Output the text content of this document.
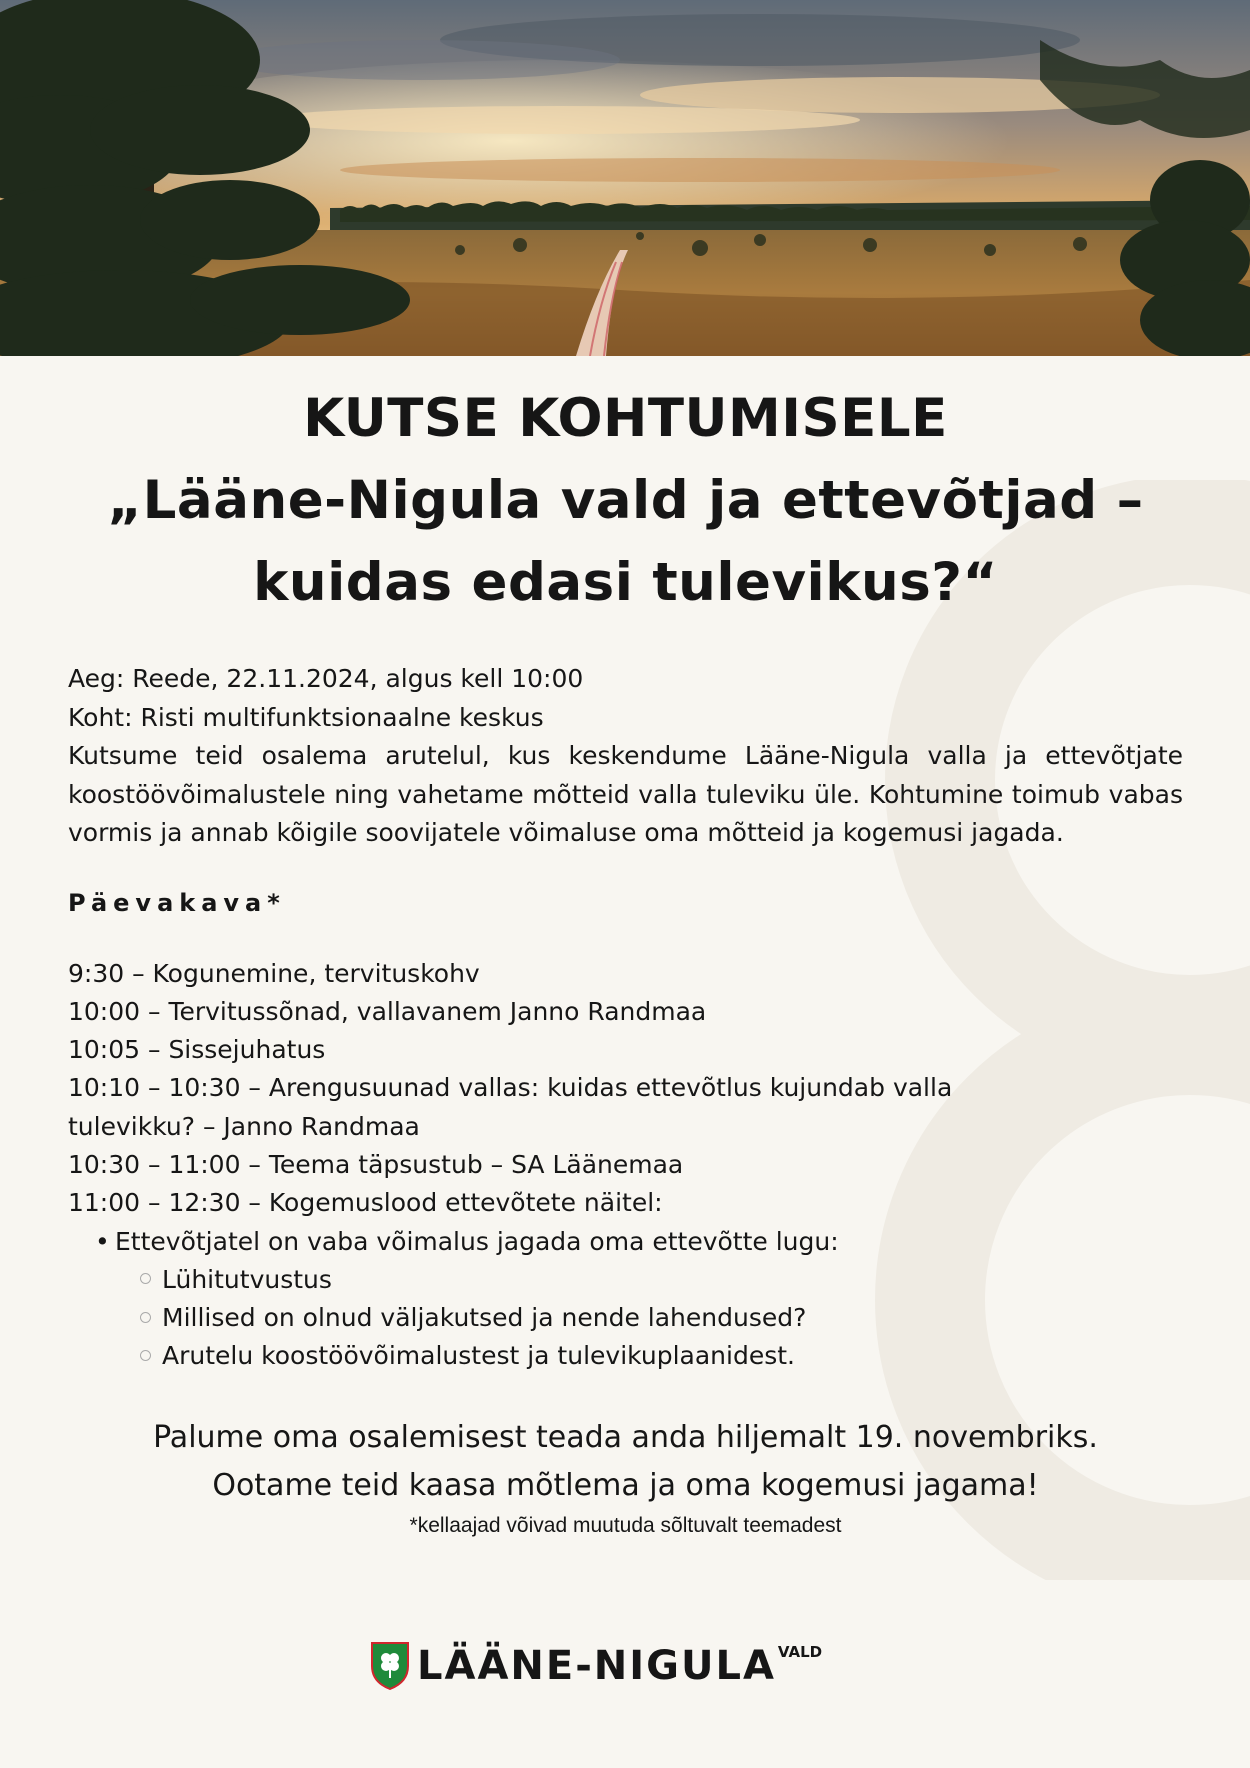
KUTSE KOHTUMISELE
„Lääne-Nigula vald ja ettevõtjad –
kuidas edasi tulevikus?“

Aeg: Reede, 22.11.2024, algus kell 10:00

Koht: Risti multifunktsionaalne keskus

Kutsume teid osalema arutelul, kus keskendume Lääne-Nigula valla ja ettevõtjate koostöövõimalustele ning vahetame mõtteid valla tuleviku üle. Kohtumine toimub vabas vormis ja annab kõigile soovijatele võimaluse oma mõtteid ja kogemusi jagada.

Päevakava*

9:30 – Kogunemine, tervituskohv

10:00 – Tervitussõnad, vallavanem Janno Randmaa

10:05 – Sissejuhatus

10:10 – 10:30 – Arengusuunad vallas: kuidas ettevõtlus kujundab valla

tulevikku? – Janno Randmaa

10:30 – 11:00 – Teema täpsustub – SA Läänemaa

11:00 – 12:30 – Kogemuslood ettevõtete näitel:

• Ettevõtjatel on vaba võimalus jagada oma ettevõtte lugu:

Lühitutvustus

Millised on olnud väljakutsed ja nende lahendused?

Arutelu koostöövõimalustest ja tulevikuplaanidest.

Palume oma osalemisest teada anda hiljemalt 19. novembriks.

Ootame teid kaasa mõtlema ja oma kogemusi jagama!

*kellaajad võivad muutuda sõltuvalt teemadest
LÄÄNE-NIGULA VALD
